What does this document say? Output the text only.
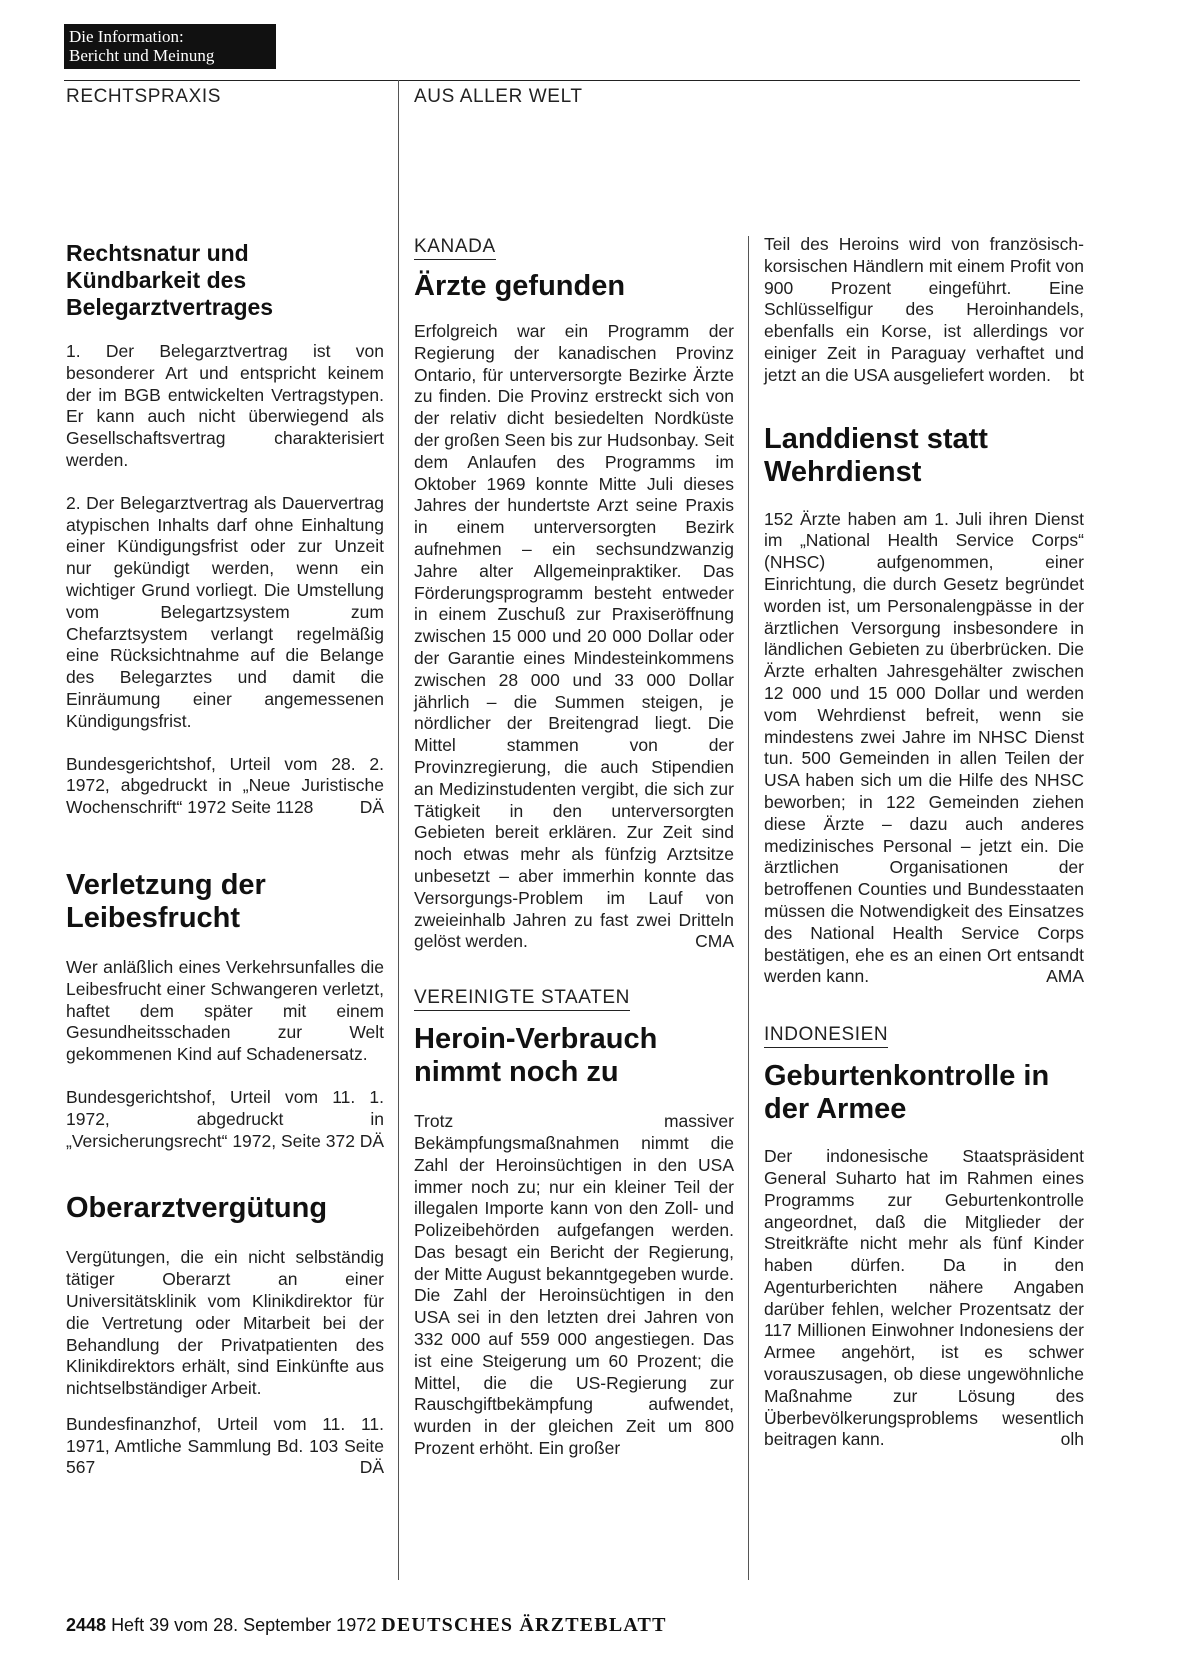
Die Information:
Bericht und Meinung
RECHTSPRAXIS	AUS ALLER WELT
Rechtsnatur und Kündbarkeit des Belegarztvertrages

1. Der Belegarztvertrag ist von besonderer Art und entspricht keinem der im BGB entwickelten Vertragstypen. Er kann auch nicht überwiegend als Gesellschaftsvertrag charakterisiert werden.

2. Der Belegarztvertrag als Dauervertrag atypischen Inhalts darf ohne Einhaltung einer Kündigungsfrist oder zur Unzeit nur gekündigt werden, wenn ein wichtiger Grund vorliegt. Die Umstellung vom Belegartzsystem zum Chefarztsystem verlangt regelmäßig eine Rücksichtnahme auf die Belange des Belegarztes und damit die Einräumung einer angemessenen Kündigungsfrist.

Bundesgerichtshof, Urteil vom 28. 2. 1972, abgedruckt in „Neue Juristische Wochenschrift“ 1972 Seite 1128	DÄ

Verletzung der Leibesfrucht

Wer anläßlich eines Verkehrsunfalles die Leibesfrucht einer Schwangeren verletzt, haftet dem später mit einem Gesundheitsschaden zur Welt gekommenen Kind auf Schadenersatz.

Bundesgerichtshof, Urteil vom 11. 1. 1972, abgedruckt in „Versicherungsrecht“ 1972, Seite 372 DÄ

Oberarztvergütung

Vergütungen, die ein nicht selbständig tätiger Oberarzt an einer Universitätsklinik vom Klinikdirektor für die Vertretung oder Mitarbeit bei der Behandlung der Privatpatienten des Klinikdirektors erhält, sind Einkünfte aus nichtselbständiger Arbeit.

Bundesfinanzhof, Urteil vom 11. 11. 1971, Amtliche Sammlung Bd. 103 Seite 567	DÄ

KANADA
Ärzte gefunden

Erfolgreich war ein Programm der Regierung der kanadischen Provinz Ontario, für unterversorgte Bezirke Ärzte zu finden. Die Provinz erstreckt sich von der relativ dicht besiedelten Nordküste der großen Seen bis zur Hudsonbay. Seit dem Anlaufen des Programms im Oktober 1969 konnte Mitte Juli dieses Jahres der hundertste Arzt seine Praxis in einem unterversorgten Bezirk aufnehmen – ein sechsundzwanzig Jahre alter Allgemeinpraktiker. Das Förderungsprogramm besteht entweder in einem Zuschuß zur Praxiseröffnung zwischen 15 000 und 20 000 Dollar oder der Garantie eines Mindesteinkommens zwischen 28 000 und 33 000 Dollar jährlich – die Summen steigen, je nördlicher der Breitengrad liegt. Die Mittel stammen von der Provinzregierung, die auch Stipendien an Medizinstudenten vergibt, die sich zur Tätigkeit in den unterversorgten Gebieten bereit erklären. Zur Zeit sind noch etwas mehr als fünfzig Arztsitze unbesetzt – aber immerhin konnte das Versorgungs-Problem im Lauf von zweieinhalb Jahren zu fast zwei Dritteln gelöst werden.	CMA

VEREINIGTE STAATEN
Heroin-Verbrauch nimmt noch zu

Trotz massiver Bekämpfungsmaßnahmen nimmt die Zahl der Heroinsüchtigen in den USA immer noch zu; nur ein kleiner Teil der illegalen Importe kann von den Zoll- und Polizeibehörden aufgefangen werden. Das besagt ein Bericht der Regierung, der Mitte August bekanntgegeben wurde. Die Zahl der Heroinsüchtigen in den USA sei in den letzten drei Jahren von 332 000 auf 559 000 angestiegen. Das ist eine Steigerung um 60 Prozent; die Mittel, die die US-Regierung zur Rauschgiftbekämpfung aufwendet, wurden in der gleichen Zeit um 800 Prozent erhöht. Ein großer

Teil des Heroins wird von französisch-korsischen Händlern mit einem Profit von 900 Prozent eingeführt. Eine Schlüsselfigur des Heroinhandels, ebenfalls ein Korse, ist allerdings vor einiger Zeit in Paraguay verhaftet und jetzt an die USA ausgeliefert worden. bt

Landdienst statt Wehrdienst

152 Ärzte haben am 1. Juli ihren Dienst im „National Health Service Corps“ (NHSC) aufgenommen, einer Einrichtung, die durch Gesetz begründet worden ist, um Personalengpässe in der ärztlichen Versorgung insbesondere in ländlichen Gebieten zu überbrücken. Die Ärzte erhalten Jahresgehälter zwischen 12 000 und 15 000 Dollar und werden vom Wehrdienst befreit, wenn sie mindestens zwei Jahre im NHSC Dienst tun. 500 Gemeinden in allen Teilen der USA haben sich um die Hilfe des NHSC beworben; in 122 Gemeinden ziehen diese Ärzte – dazu auch anderes medizinisches Personal – jetzt ein. Die ärztlichen Organisationen der betroffenen Counties und Bundesstaaten müssen die Notwendigkeit des Einsatzes des National Health Service Corps bestätigen, ehe es an einen Ort entsandt werden kann.	AMA

INDONESIEN
Geburtenkontrolle in der Armee

Der indonesische Staatspräsident General Suharto hat im Rahmen eines Programms zur Geburtenkontrolle angeordnet, daß die Mitglieder der Streitkräfte nicht mehr als fünf Kinder haben dürfen. Da in den Agenturberichten nähere Angaben darüber fehlen, welcher Prozentsatz der 117 Millionen Einwohner Indonesiens der Armee angehört, ist es schwer vorauszusagen, ob diese ungewöhnliche Maßnahme zur Lösung des Überbevölkerungsproblems wesentlich beitragen kann.	olh

2448 Heft 39 vom 28. September 1972 DEUTSCHES ÄRZTEBLATT
